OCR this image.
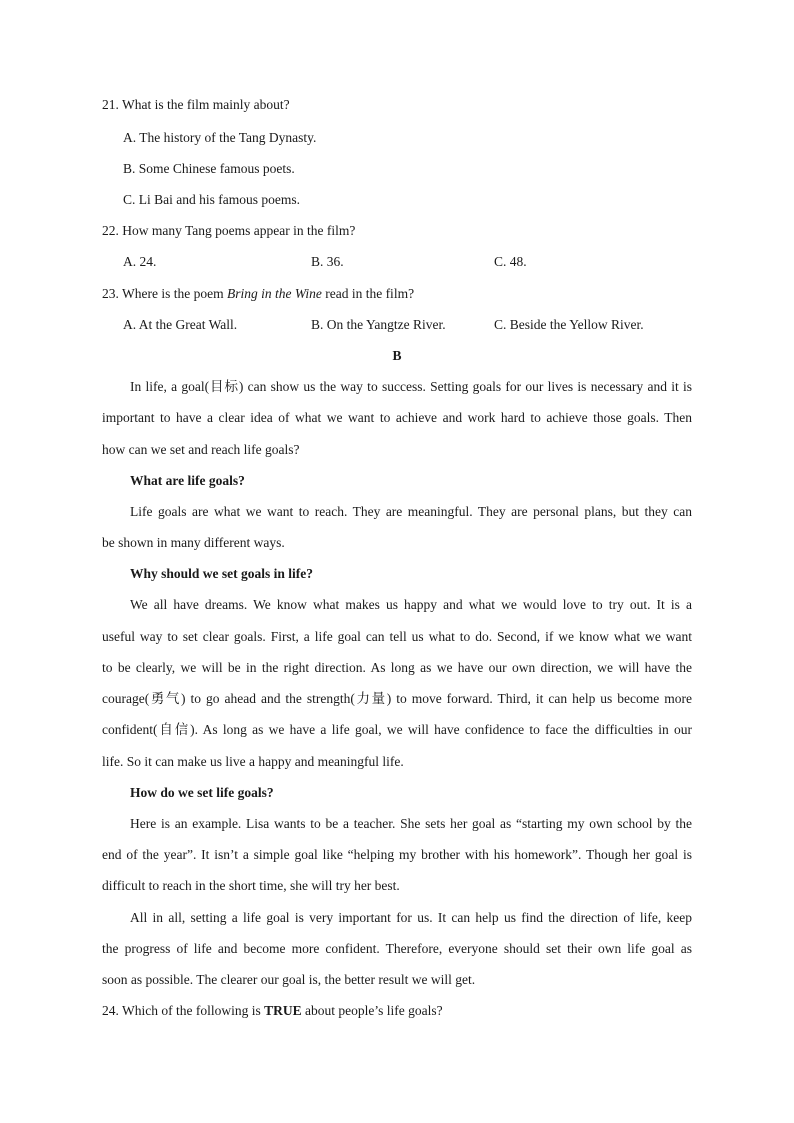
21. What is the film mainly about?
A. The history of the Tang Dynasty.
B. Some Chinese famous poets.
C. Li Bai and his famous poems.
22. How many Tang poems appear in the film?
A. 24.	B. 36.	C. 48.
23. Where is the poem Bring in the Wine read in the film?
A. At the Great Wall.	B. On the Yangtze River.	C. Beside the Yellow River.
B
In life, a goal(目标) can show us the way to success. Setting goals for our lives is necessary and it is
important to have a clear idea of what we want to achieve and work hard to achieve those goals. Then
how can we set and reach life goals?
What are life goals?
Life goals are what we want to reach. They are meaningful. They are personal plans, but they can
be shown in many different ways.
Why should we set goals in life?
We all have dreams. We know what makes us happy and what we would love to try out. It is a
useful way to set clear goals. First, a life goal can tell us what to do. Second, if we know what we want
to be clearly, we will be in the right direction. As long as we have our own direction, we will have the
courage(勇气) to go ahead and the strength(力量) to move forward. Third, it can help us become more
confident(自信). As long as we have a life goal, we will have confidence to face the difficulties in our
life. So it can make us live a happy and meaningful life.
How do we set life goals?
Here is an example. Lisa wants to be a teacher. She sets her goal as “starting my own school by the
end of the year”. It isn’t a simple goal like “helping my brother with his homework”. Though her goal is
difficult to reach in the short time, she will try her best.
All in all, setting a life goal is very important for us. It can help us find the direction of life, keep
the progress of life and become more confident. Therefore, everyone should set their own life goal as
soon as possible. The clearer our goal is, the better result we will get.
24. Which of the following is TRUE about people’s life goals?
